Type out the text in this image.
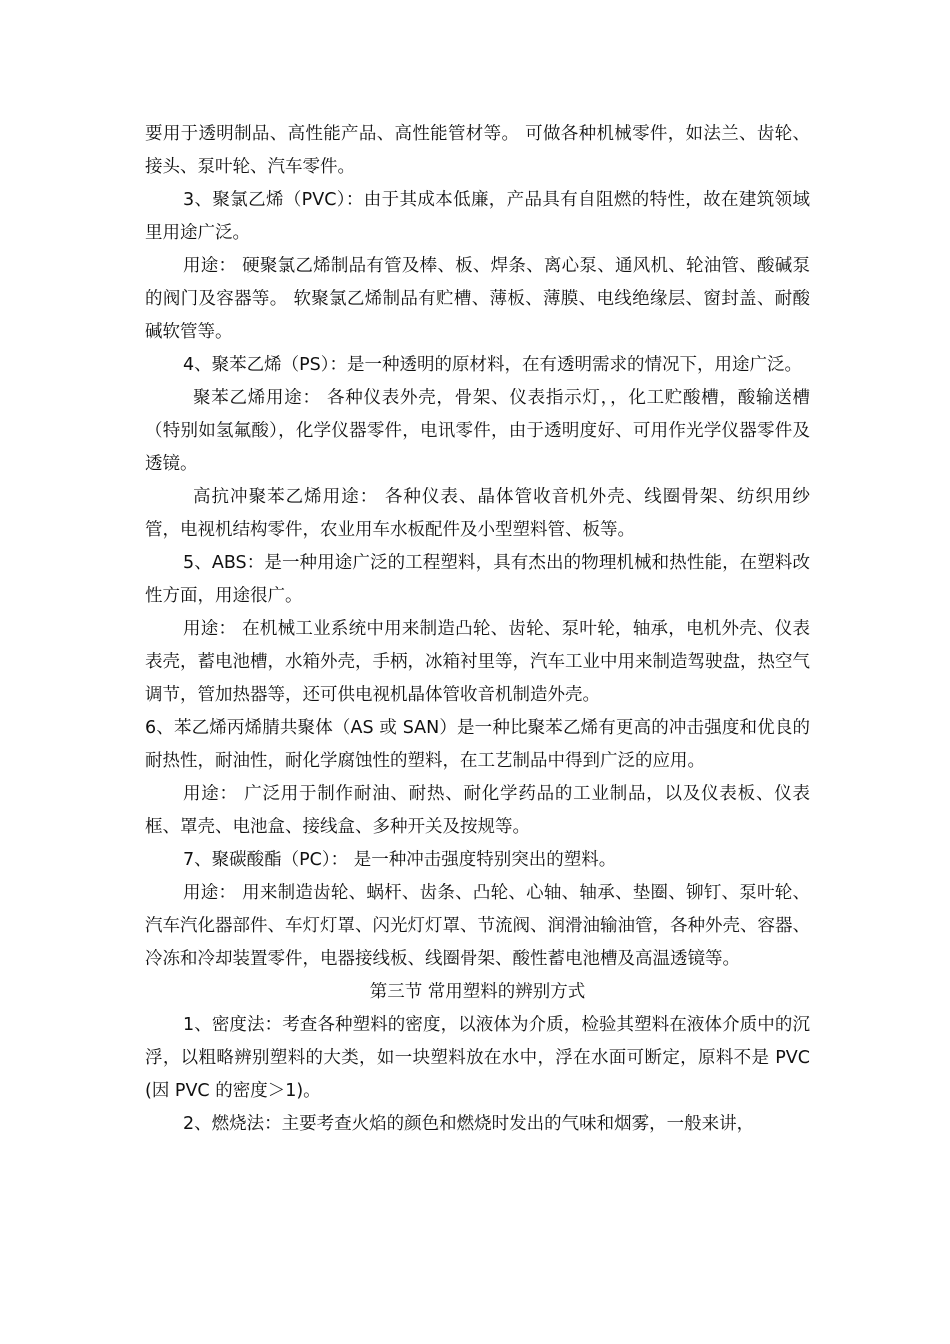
要用于透明制品、高性能产品、高性能管材等。 可做各种机械零件，如法兰、齿轮、接头、泵叶轮、汽车零件。

3、聚氯乙烯（PVC）：由于其成本低廉，产品具有自阻燃的特性，故在建筑领域里用途广泛。

用途： 硬聚氯乙烯制品有管及棒、板、焊条、离心泵、通风机、轮油管、酸碱泵的阀门及容器等。 软聚氯乙烯制品有贮槽、薄板、薄膜、电线绝缘层、窗封盖、耐酸碱软管等。

4、聚苯乙烯（PS）：是一种透明的原材料，在有透明需求的情况下，用途广泛。

聚苯乙烯用途： 各种仪表外壳，骨架、仪表指示灯，，化工贮酸槽，酸输送槽（特别如氢氟酸），化学仪器零件，电讯零件，由于透明度好、可用作光学仪器零件及透镜。

高抗冲聚苯乙烯用途： 各种仪表、晶体管收音机外壳、线圈骨架、纺织用纱管，电视机结构零件，农业用车水板配件及小型塑料管、板等。

5、ABS：是一种用途广泛的工程塑料，具有杰出的物理机械和热性能，在塑料改性方面，用途很广。

用途： 在机械工业系统中用来制造凸轮、齿轮、泵叶轮，轴承，电机外壳、仪表表壳，蓄电池槽，水箱外壳，手柄，冰箱衬里等，汽车工业中用来制造驾驶盘，热空气调节，管加热器等，还可供电视机晶体管收音机制造外壳。

6、苯乙烯丙烯腈共聚体（AS 或 SAN）是一种比聚苯乙烯有更高的冲击强度和优良的耐热性，耐油性，耐化学腐蚀性的塑料，在工艺制品中得到广泛的应用。

用途： 广泛用于制作耐油、耐热、耐化学药品的工业制品，以及仪表板、仪表框、罩壳、电池盒、接线盒、多种开关及按规等。

7、聚碳酸酯（PC）： 是一种冲击强度特别突出的塑料。

用途： 用来制造齿轮、蜗杆、齿条、凸轮、心轴、轴承、垫圈、铆钉、泵叶轮、汽车汽化器部件、车灯灯罩、闪光灯灯罩、节流阀、润滑油输油管，各种外壳、容器、冷冻和冷却装置零件，电器接线板、线圈骨架、酸性蓄电池槽及高温透镜等。

第三节 常用塑料的辨别方式

1、密度法：考查各种塑料的密度，以液体为介质，检验其塑料在液体介质中的沉浮，以粗略辨别塑料的大类，如一块塑料放在水中，浮在水面可断定，原料不是 PVC(因 PVC 的密度＞1)。

2、燃烧法：主要考查火焰的颜色和燃烧时发出的气味和烟雾，一般来讲，
